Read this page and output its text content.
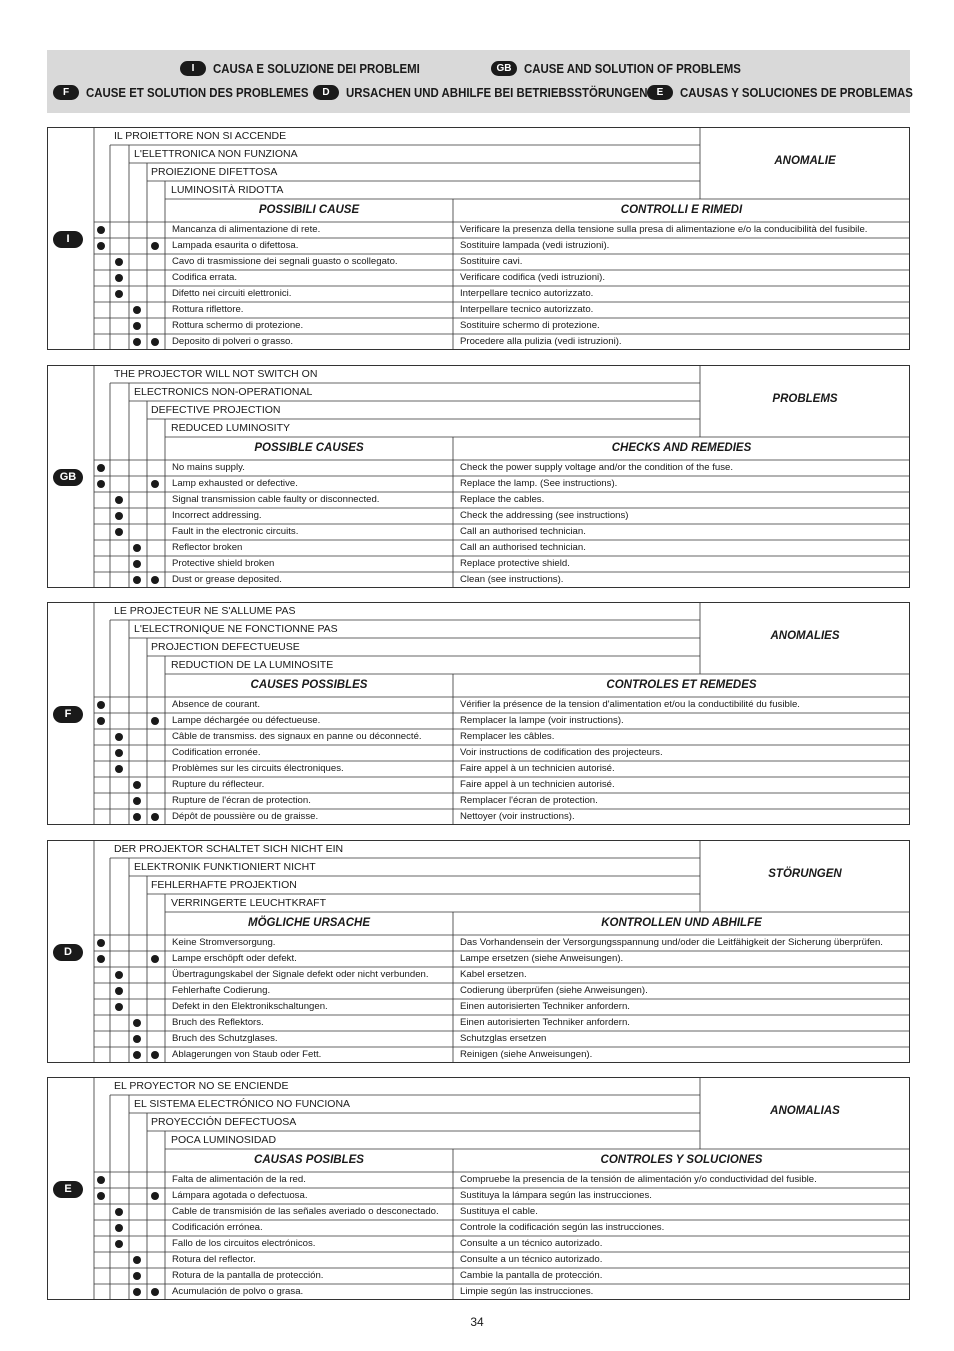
I	CAUSA E SOLUZIONE DEI PROBLEMI	GB CAUSE AND SOLUTION OF PROBLEMS
F	CAUSE ET SOLUTION DES PROBLEMES	D	URSACHEN UND ABHILFE BEI BETRIEBSSTÖRUNGEN E	CAUSAS Y SOLUCIONES DE PROBLEMAS
I
IL PROIETTORE NON SI ACCENDE
L'ELETTRONICA NON FUNZIONA
PROIEZIONE DIFETTOSA
LUMINOSITÀ RIDOTTA
ANOMALIE
POSSIBILI CAUSE	CONTROLLI E RIMEDI
Mancanza di alimentazione di rete.	Verificare la presenza della tensione sulla presa di alimentazione e/o la conducibilità del fusibile.
Lampada esaurita o difettosa.	Sostituire lampada (vedi istruzioni).
Cavo di trasmissione dei segnali guasto o scollegato.	Sostituire cavi.
Codifica errata.	Verificare codifica (vedi istruzioni).
Difetto nei circuiti elettronici.	Interpellare tecnico autorizzato.
Rottura riflettore.	Interpellare tecnico autorizzato.
Rottura schermo di protezione.	Sostituire schermo di protezione.
Deposito di polveri o grasso.	Procedere alla pulizia (vedi istruzioni).
GB
THE PROJECTOR WILL NOT SWITCH ON
ELECTRONICS NON-OPERATIONAL
DEFECTIVE PROJECTION
REDUCED LUMINOSITY
PROBLEMS
POSSIBLE CAUSES	CHECKS AND REMEDIES
No mains supply.	Check the power supply voltage and/or the condition of the fuse.
Lamp exhausted or defective.	Replace the lamp. (See instructions).
Signal transmission cable faulty or disconnected.	Replace the cables.
Incorrect addressing.	Check the addressing (see instructions)
Fault in the electronic circuits.	Call an authorised technician.
Reflector broken	Call an authorised technician.
Protective shield broken	Replace protective shield.
Dust or grease deposited.	Clean (see instructions).
F
LE PROJECTEUR NE S'ALLUME PAS
L'ELECTRONIQUE NE FONCTIONNE PAS
PROJECTION DEFECTUEUSE
REDUCTION DE LA LUMINOSITE
ANOMALIES
CAUSES POSSIBLES	CONTROLES ET REMEDES
Absence de courant.	Vérifier la présence de la tension d'alimentation et/ou la conductibilité du fusible.
Lampe déchargée ou défectueuse.	Remplacer la lampe (voir instructions).
Câble de transmiss. des signaux en panne ou déconnecté.	Remplacer les câbles.
Codification erronée.	Voir instructions de codification des projecteurs.
Problèmes sur les circuits électroniques.	Faire appel à un technicien autorisé.
Rupture du réflecteur.	Faire appel à un technicien autorisé.
Rupture de l'écran de protection.	Remplacer l'écran de protection.
Dépôt de poussière ou de graisse.	Nettoyer (voir instructions).
D
DER PROJEKTOR SCHALTET SICH NICHT EIN
ELEKTRONIK FUNKTIONIERT NICHT
FEHLERHAFTE PROJEKTION
VERRINGERTE LEUCHTKRAFT
STÖRUNGEN
MÖGLICHE URSACHE	KONTROLLEN UND ABHILFE
Keine Stromversorgung.	Das Vorhandensein der Versorgungsspannung und/oder die Leitfähigkeit der Sicherung überprüfen.
Lampe erschöpft oder defekt.	Lampe ersetzen (siehe Anweisungen).
Übertragungskabel der Signale defekt oder nicht verbunden.	Kabel ersetzen.
Fehlerhafte Codierung.	Codierung überprüfen (siehe Anweisungen).
Defekt in den Elektronikschaltungen.	Einen autorisierten Techniker anfordern.
Bruch des Reflektors.	Einen autorisierten Techniker anfordern.
Bruch des Schutzglases.	Schutzglas ersetzen
Ablagerungen von Staub oder Fett.	Reinigen (siehe Anweisungen).
E
EL PROYECTOR NO SE ENCIENDE
EL SISTEMA ELECTRÓNICO NO FUNCIONA
PROYECCIÓN DEFECTUOSA
POCA LUMINOSIDAD
ANOMALIAS
CAUSAS POSIBLES	CONTROLES Y SOLUCIONES
Falta de alimentación de la red.	Compruebe la presencia de la tensión de alimentación y/o conductividad del fusible.
Lámpara agotada o defectuosa.	Sustituya la lámpara según las instrucciones.
Cable de transmisión de las señales averiado o desconectado.	Sustituya el cable.
Codificación errónea.	Controle la codificación según las instrucciones.
Fallo de los circuitos electrónicos.	Consulte a un técnico autorizado.
Rotura del reflector.	Consulte a un técnico autorizado.
Rotura de la pantalla de protección.	Cambie la pantalla de protección.
Acumulación de polvo o grasa.	Limpie según las instrucciones.
34
